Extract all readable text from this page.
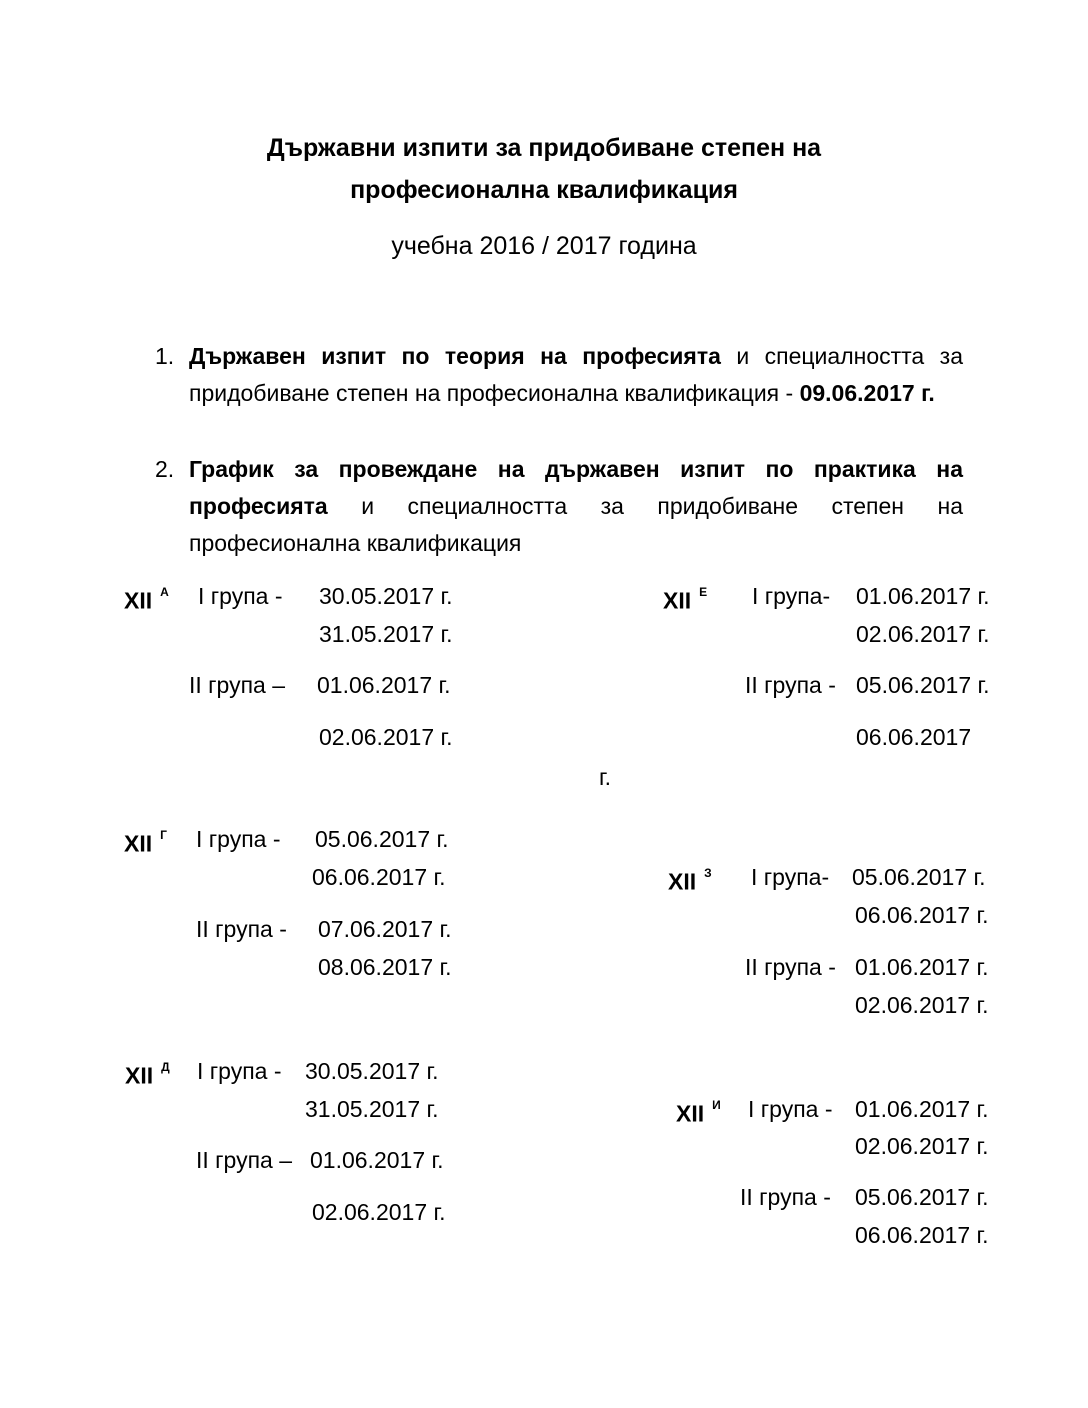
Държавни изпити за придобиване степен на
професионална квалификация
учебна 2016 / 2017 година
1. Държавен изпит по теория на професията и специалността за придобиване степен на професионална квалификация - 09.06.2017 г.
2. График за провеждане на държавен изпит по практика на професията и специалността за придобиване степен на професионална квалификация
XII $^А$ I група - 30.05.2017 г.
31.05.2017 г.
II група – 01.06.2017 г.
02.06.2017 г.
XII $^Е$ I група- 01.06.2017 г.
02.06.2017 г.
II група - 05.06.2017 г.
06.06.2017
г.
XII $^Г$ I група - 05.06.2017 г.
06.06.2017 г.
II група - 07.06.2017 г.
08.06.2017 г.
XII $^З$ I група- 05.06.2017 г.
06.06.2017 г.
II група - 01.06.2017 г.
02.06.2017 г.
XII $^Д$ I група - 30.05.2017 г.
31.05.2017 г.
II група – 01.06.2017 г.
02.06.2017 г.
XII $^И$ I група - 01.06.2017 г.
02.06.2017 г.
II група - 05.06.2017 г.
06.06.2017 г.
